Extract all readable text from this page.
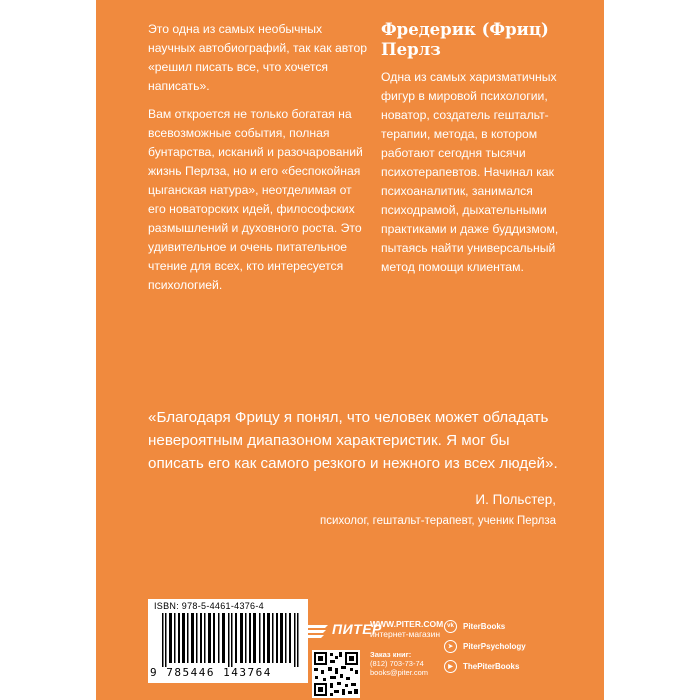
Это одна из самых необычных научных автобиографий, так как автор «решил писать все, что хочется написать».

Вам откроется не только богатая на всевозможные события, полная бунтарства, исканий и разочарований жизнь Перлза, но и его «беспокойная цыганская натура», неотделимая от его новаторских идей, философских размышлений и духовного роста. Это удивительное и очень питательное чтение для всех, кто интересуется психологией.

Фредерик (Фриц) Перлз

Одна из самых харизматичных фигур в мировой психологии, новатор, создатель гештальт-терапии, метода, в котором работают сегодня тысячи психотерапевтов. Начинал как психоаналитик, занимался психодрамой, дыхательными практиками и даже буддизмом, пытаясь найти универсальный метод помощи клиентам.

«Благодаря Фрицу я понял, что человек может обладать невероятным диапазоном характеристик. Я мог бы описать его как самого резкого и нежного из всех людей».
И. Польстер,
психолог, гештальт-терапевт, ученик Перлза
ISBN: 978-5-4461-4376-4
9 785446 143764
ПИТЕР
WWW.PITER.COM
интернет-магазин
Заказ книг:
(812) 703-73-74
books@piter.com
vk	PiterBooks
➤	PiterPsychology
▶	ThePiterBooks
